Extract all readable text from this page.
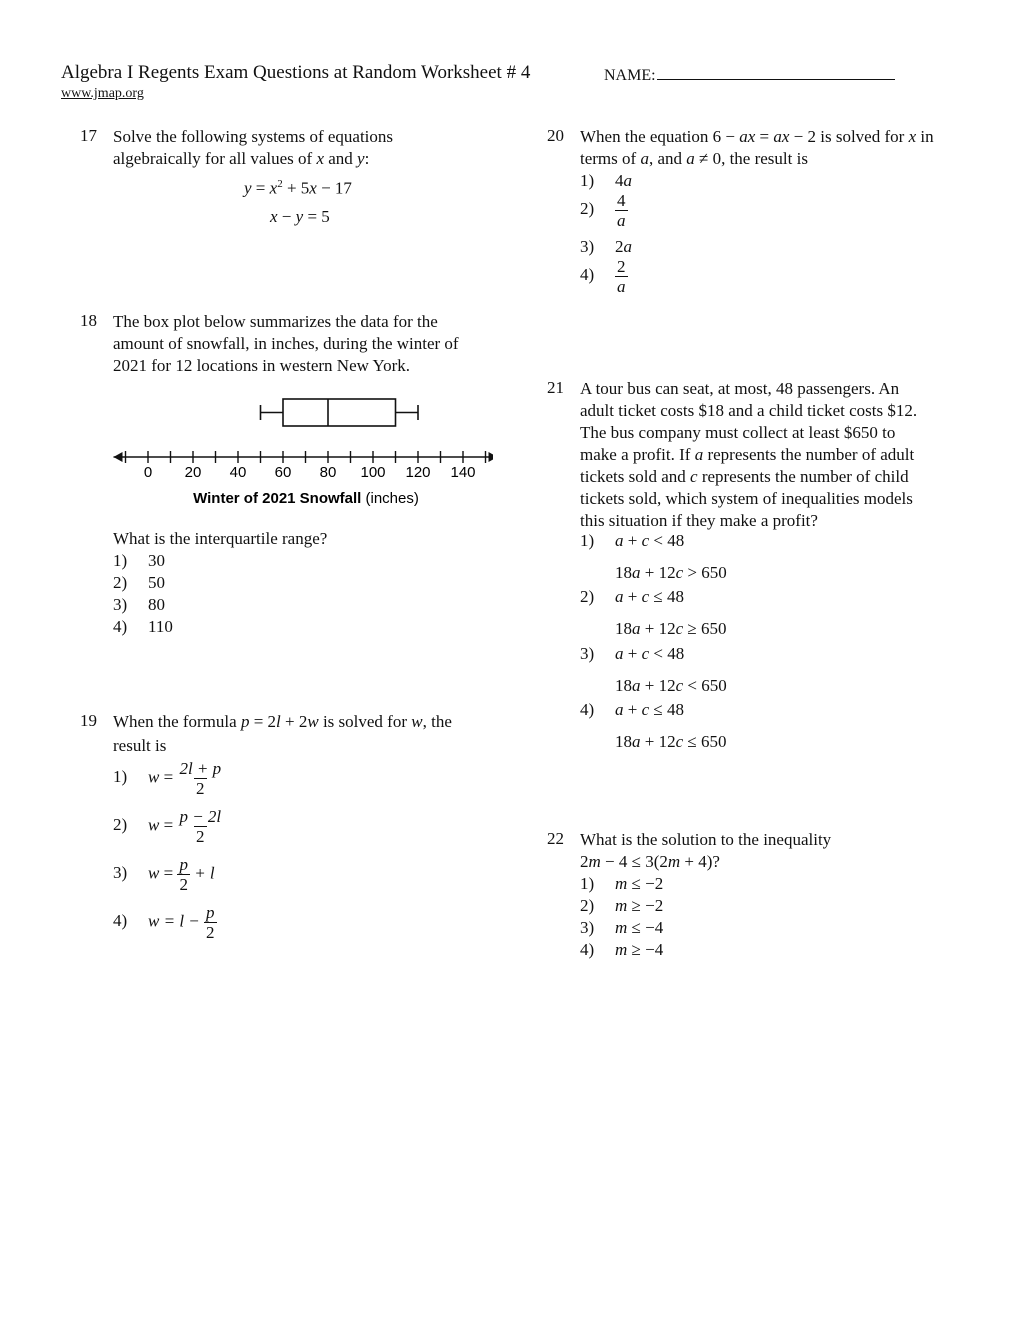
Algebra I Regents Exam Questions at Random Worksheet # 4	NAME:
www.jmap.org
17 Solve the following systems of equations
algebraically for all values of x and y:
$y = x^2 + 5x - 17$
x − y = 5
18 The box plot below summarizes the data for the
amount of snowfall, in inches, during the winter of
2021 for 12 locations in western New York.
0 20 40 60 80 100 120 140
Winter of 2021 Snowfall (inches)
What is the interquartile range?
1) 30
2) 50
3) 80
4) 110
19 When the formula p = 2l + 2w is solved for w, the
result is
1) $w = \frac{2l + p}{2}$
2) $w = \frac{p - 2l}{2}$
3) $w = \frac{p}{2} + l$
4) $w = l - \frac{p}{2}$
20 When the equation 6 − ax = ax − 2 is solved for x in
terms of a, and a ≠ 0, the result is
1) 4a
$2) \frac{4}{a}$
3) 2a
$4) \frac{2}{a}$
21 A tour bus can seat, at most, 48 passengers. An
adult ticket costs $18 and a child ticket costs $12.
The bus company must collect at least $650 to
make a profit. If a represents the number of adult
tickets sold and c represents the number of child
tickets sold, which system of inequalities models
this situation if they make a profit?
1) a + c < 48
18a + 12c > 650
2) a + c ≤ 48
18a + 12c ≥ 650
3) a + c < 48
18a + 12c < 650
4) a + c ≤ 48
18a + 12c ≤ 650
22 What is the solution to the inequality
2m − 4 ≤ 3(2m + 4)?
1) m ≤ −2
2) m ≥ −2
3) m ≤ −4
4) m ≥ −4
